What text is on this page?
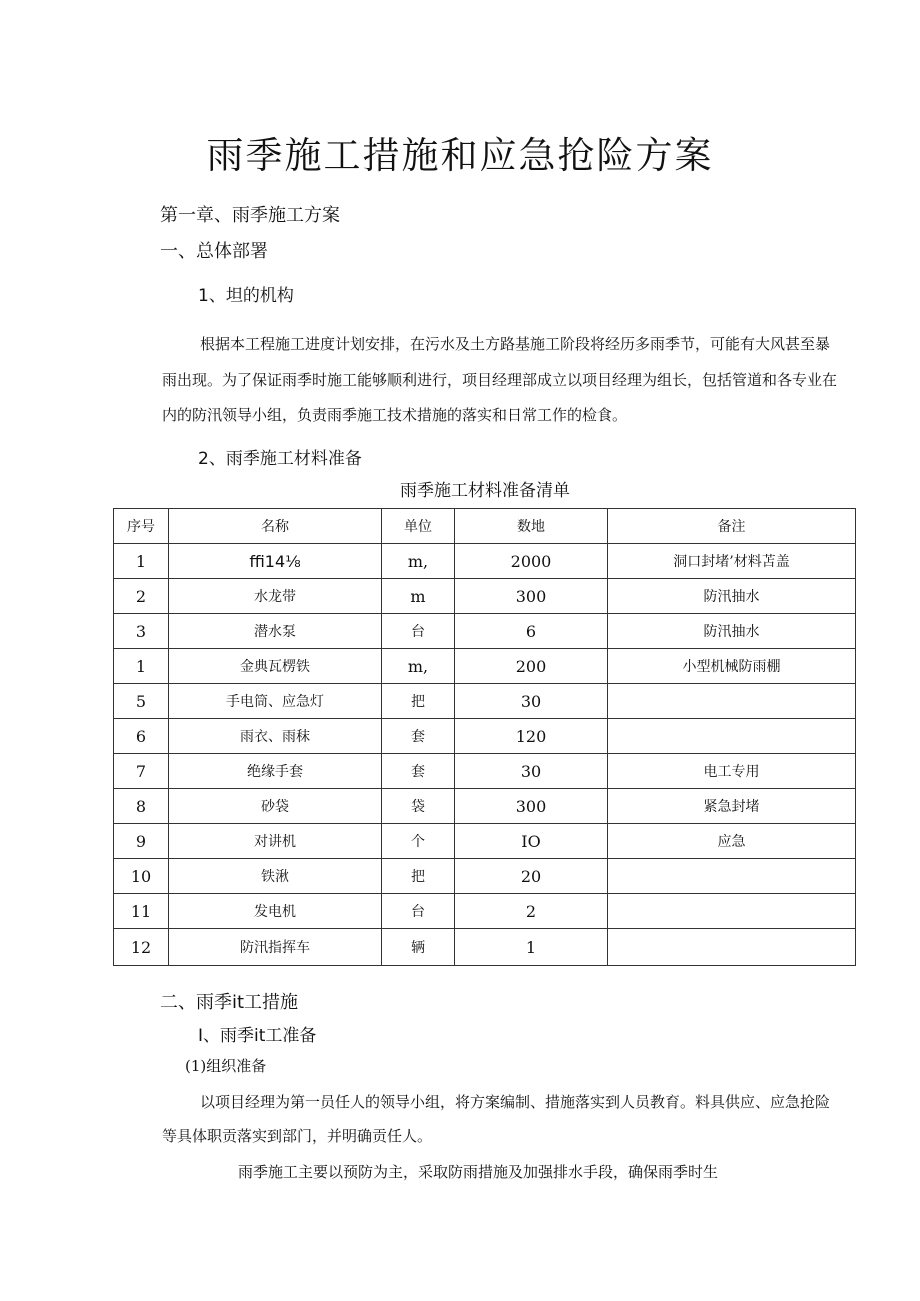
雨季施工措施和应急抢险方案
第一章、雨季施工方案
一、总体部署
1、坦的机构
根据本工程施工进度计划安排，在污水及土方路基施工阶段将经历多雨季节，可能有大风甚至暴
雨出现。为了保证雨季时施工能够顺利进行，项目经理部成立以项目经理为组长，包括管道和各专业在
内的防汛领导小组，负责雨季施工技术措施的落实和日常工作的检食。
2、雨季施工材料准备
雨季施工材料准备清单
序号	名称	单位	数地	备注
1	ffi14⅛	m,	2000	洞口封堵’材料苫盖
2	水龙带	m	300	防汛抽水
3	潜水泵	台	6	防汛抽水
1	金典瓦楞铁	m,	200	小型机械防雨棚
5	手电筒、应急灯	把	30	
6	雨衣、雨秣	套	120	
7	绝缘手套	套	30	电工专用
8	砂袋	袋	300	紧急封堵
9	对讲机	个	IO	应急
10	铁湫	把	20	
11	发电机	台	2	
12	防汛指挥车	辆	1	
二、雨季it工措施
I、雨季it工准备
(1)组织准备
以项目经理为第一员任人的领导小组，将方案编制、措施落实到人员教育。料具供应、应急抢险
等具体职贡落实到部门，并明确贡任人。
雨季施工主要以预防为主，采取防雨措施及加强排水手段，确保雨季时生
